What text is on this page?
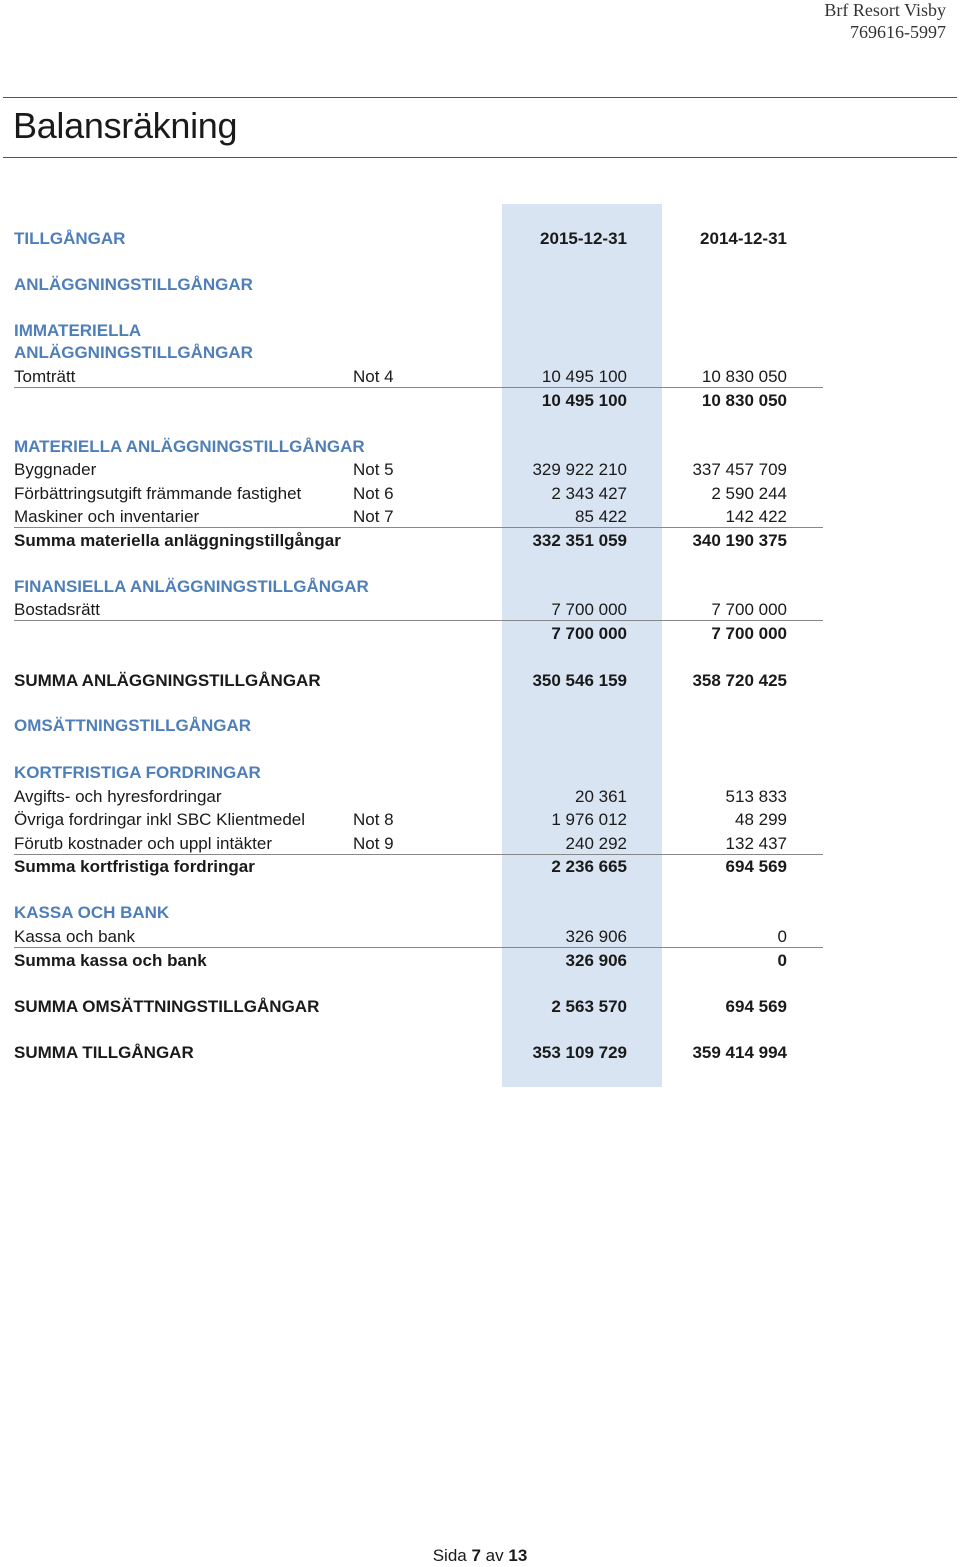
Brf Resort Visby
769616-5997
Balansräkning
TILLGÅNGAR	2015-12-31	2014-12-31
ANLÄGGNINGSTILLGÅNGAR
IMMATERIELLA
ANLÄGGNINGSTILLGÅNGAR
Tomträtt	Not 4	10 495 100	10 830 050
10 495 100	10 830 050
MATERIELLA ANLÄGGNINGSTILLGÅNGAR
Byggnader	Not 5	329 922 210	337 457 709
Förbättringsutgift främmande fastighet	Not 6	2 343 427	2 590 244
Maskiner och inventarier	Not 7	85 422	142 422
Summa materiella anläggningstillgångar	332 351 059	340 190 375
FINANSIELLA ANLÄGGNINGSTILLGÅNGAR
Bostadsrätt	7 700 000	7 700 000
7 700 000	7 700 000
SUMMA ANLÄGGNINGSTILLGÅNGAR	350 546 159	358 720 425
OMSÄTTNINGSTILLGÅNGAR
KORTFRISTIGA FORDRINGAR
Avgifts- och hyresfordringar	20 361	513 833
Övriga fordringar inkl SBC Klientmedel	Not 8	1 976 012	48 299
Förutb kostnader och uppl intäkter	Not 9	240 292	132 437
Summa kortfristiga fordringar	2 236 665	694 569
KASSA OCH BANK
Kassa och bank	326 906	0
Summa kassa och bank	326 906	0
SUMMA OMSÄTTNINGSTILLGÅNGAR	2 563 570	694 569
SUMMA TILLGÅNGAR	353 109 729	359 414 994
Sida 7 av 13
